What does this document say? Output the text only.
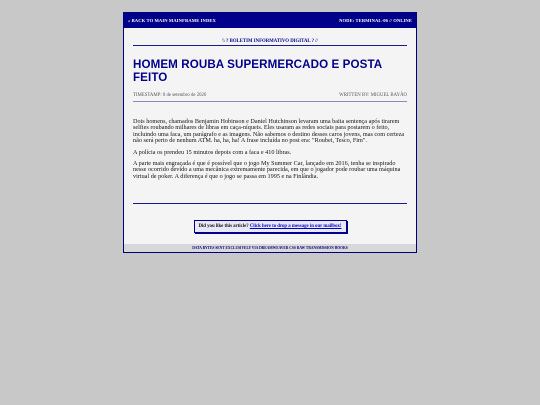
« BACK TO MAIN MAINFRAME INDEX	NODE: TERMINAL-06 // ONLINE
\\ ? BOLETIM INFORMATIVO DIGITAL ? //
HOMEM ROUBA SUPERMERCADO E POSTA FEITO
TIMESTAMP: 8 de setembro de 2026	WRITTEN BY: MIGUEL BAYÃO

Dois homens, chamados Benjamin Hobinson e Daniel Hutchinson levaram uma baita sentença após tirarem selfies roubando milhares de libras em caça-níqueis. Eles usaram as redes sociais para postarem o feito, incluindo uma faca, um parágrafo e as imagens. Não sabemos o destino desses caros jovens, mas com certeza não será perto de nenhum ATM. ha, ha, ha! A frase incluída no post era: "Roubei, Tesco, Fim".

A polícia os prendeu 15 minutos depois com a faca e 410 libras.

A parte mais engraçada é que é possível que o jogo My Summer Car, lançado em 2016, tenha se inspirado nesse ocorrido devido a uma mecânica extremamente parecida, em que o jogador pode roubar uma máquina virtual de poker. A diferença é que o jogo se passa em 1995 e na Finlândia.

Did you like this article? Click here to drop a message in our mailbox!
DATA BYTES SENT EXCLUSIVELY VIA DREAMWEAVER CSS RAW TRANSMISSION HOOKS
